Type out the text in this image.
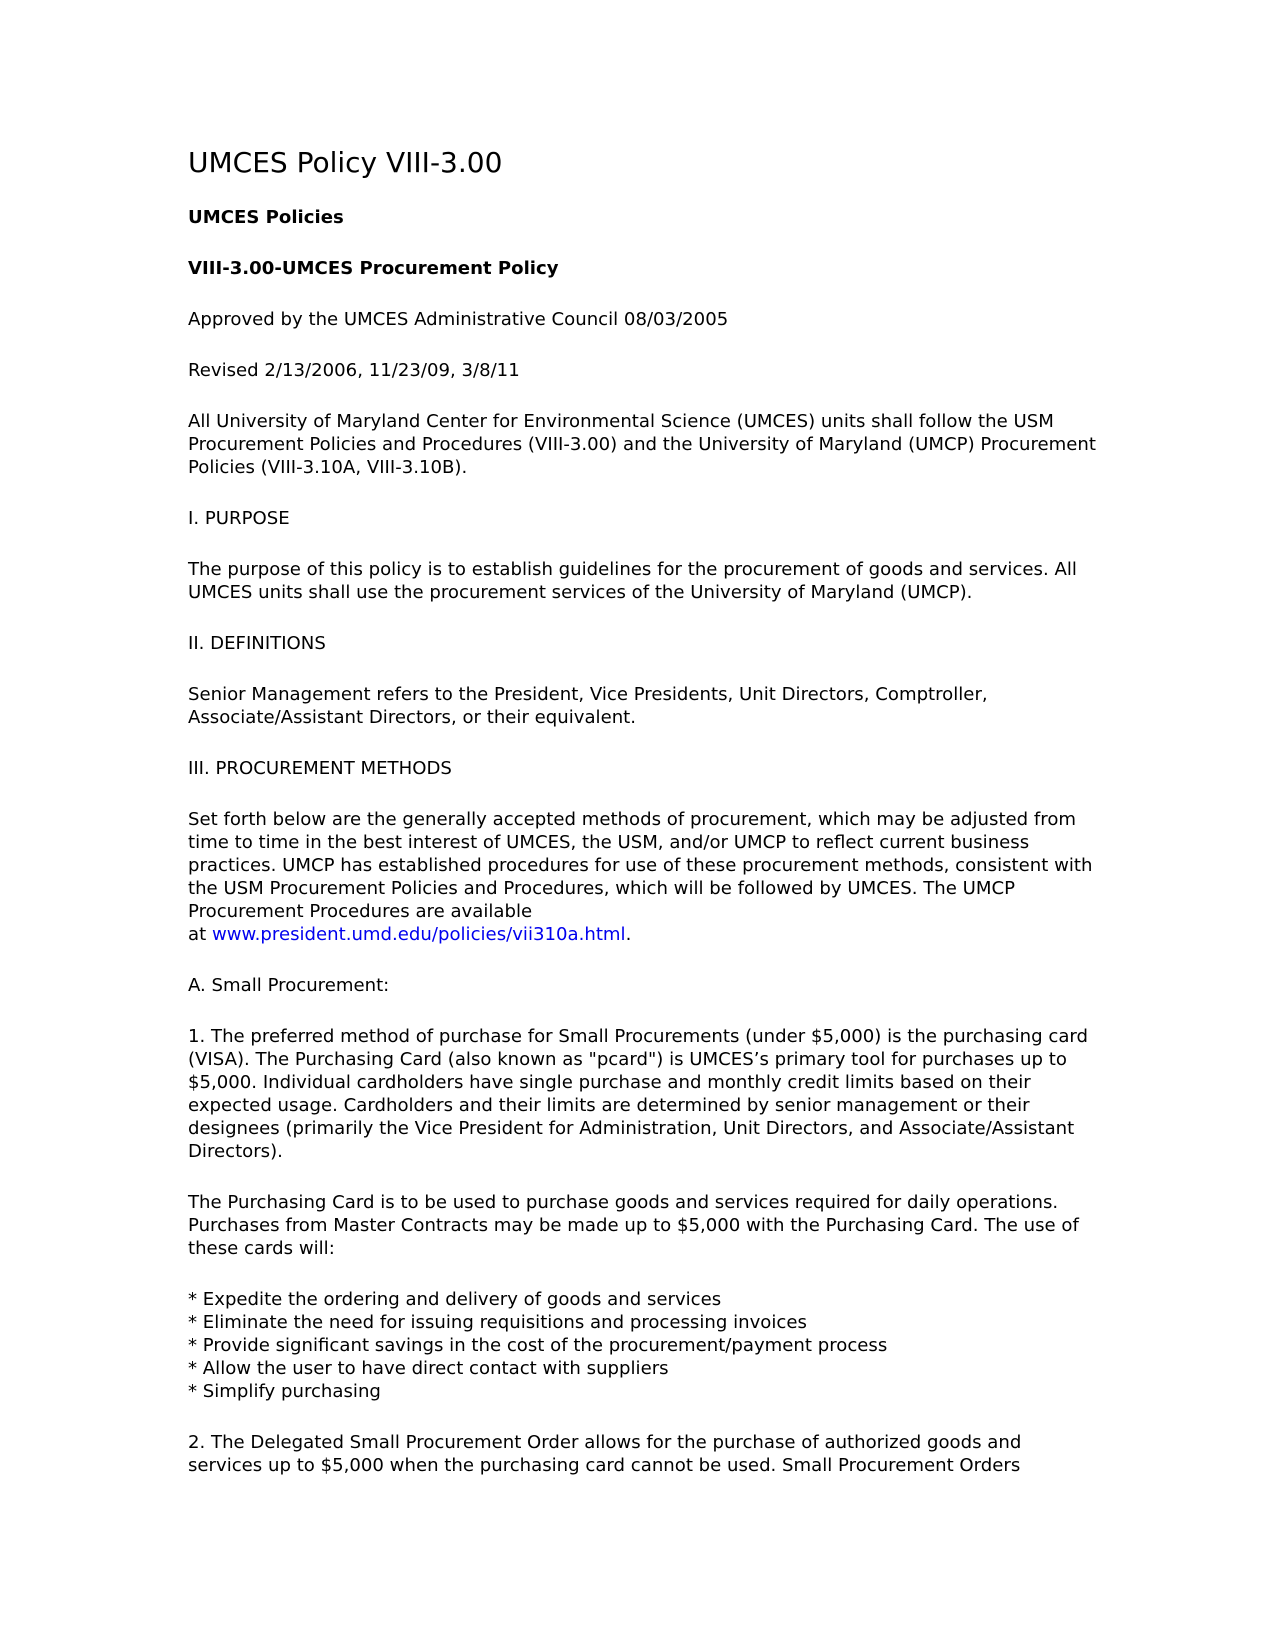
UMCES Policy VIII-3.00

UMCES Policies

VIII-3.00-UMCES Procurement Policy

Approved by the UMCES Administrative Council 08/03/2005

Revised 2/13/2006, 11/23/09, 3/8/11

All University of Maryland Center for Environmental Science (UMCES) units shall follow the USM Procurement Policies and Procedures (VIII-3.00) and the University of Maryland (UMCP) Procurement Policies (VIII-3.10A, VIII-3.10B).

I. PURPOSE

The purpose of this policy is to establish guidelines for the procurement of goods and services. All UMCES units shall use the procurement services of the University of Maryland (UMCP).

II. DEFINITIONS

Senior Management refers to the President, Vice Presidents, Unit Directors, Comptroller, Associate/Assistant Directors, or their equivalent.

III. PROCUREMENT METHODS

Set forth below are the generally accepted methods of procurement, which may be adjusted from time to time in the best interest of UMCES, the USM, and/or UMCP to reflect current business practices. UMCP has established procedures for use of these procurement methods, consistent with the USM Procurement Policies and Procedures, which will be followed by UMCES. The UMCP Procurement Procedures are available
at www.president.umd.edu/policies/vii310a.html.

A. Small Procurement:

1. The preferred method of purchase for Small Procurements (under $5,000) is the purchasing card (VISA). The Purchasing Card (also known as "pcard") is UMCES’s primary tool for purchases up to $5,000. Individual cardholders have single purchase and monthly credit limits based on their expected usage. Cardholders and their limits are determined by senior management or their designees (primarily the Vice President for Administration, Unit Directors, and Associate/Assistant Directors).

The Purchasing Card is to be used to purchase goods and services required for daily operations. Purchases from Master Contracts may be made up to $5,000 with the Purchasing Card. The use of these cards will:

* Expedite the ordering and delivery of goods and services
* Eliminate the need for issuing requisitions and processing invoices
* Provide significant savings in the cost of the procurement/payment process
* Allow the user to have direct contact with suppliers
* Simplify purchasing

2. The Delegated Small Procurement Order allows for the purchase of authorized goods and services up to $5,000 when the purchasing card cannot be used. Small Procurement Orders
